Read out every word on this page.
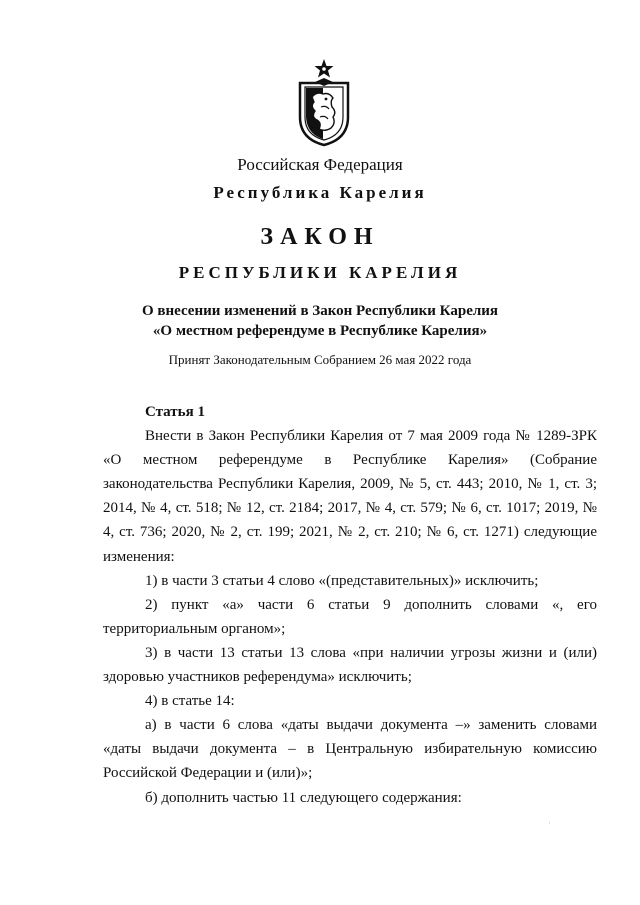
Российская Федерация
Республика Карелия
ЗАКОН
РЕСПУБЛИКИ КАРЕЛИЯ
О внесении изменений в Закон Республики Карелия
«О местном референдуме в Республике Карелия»
Принят Законодательным Собранием 26 мая 2022 года
Статья 1

Внести в Закон Республики Карелия от 7 мая 2009 года № 1289-ЗРК «О местном референдуме в Республике Карелия» (Собрание законодательства Республики Карелия, 2009, № 5, ст. 443; 2010, № 1, ст. 3; 2014, № 4, ст. 518; № 12, ст. 2184; 2017, № 4, ст. 579; № 6, ст. 1017; 2019, № 4, ст. 736; 2020, № 2, ст. 199; 2021, № 2, ст. 210; № 6, ст. 1271) следующие изменения:

1) в части 3 статьи 4 слово «(представительных)» исключить;

2) пункт «а» части 6 статьи 9 дополнить словами «, его территориальным органом»;

3) в части 13 статьи 13 слова «при наличии угрозы жизни и (или) здоровью участников референдума» исключить;

4) в статье 14:

а) в части 6 слова «даты выдачи документа –» заменить словами «даты выдачи документа – в Центральную избирательную комиссию Российской Федерации и (или)»;

б) дополнить частью 11 следующего содержания:

·
·
